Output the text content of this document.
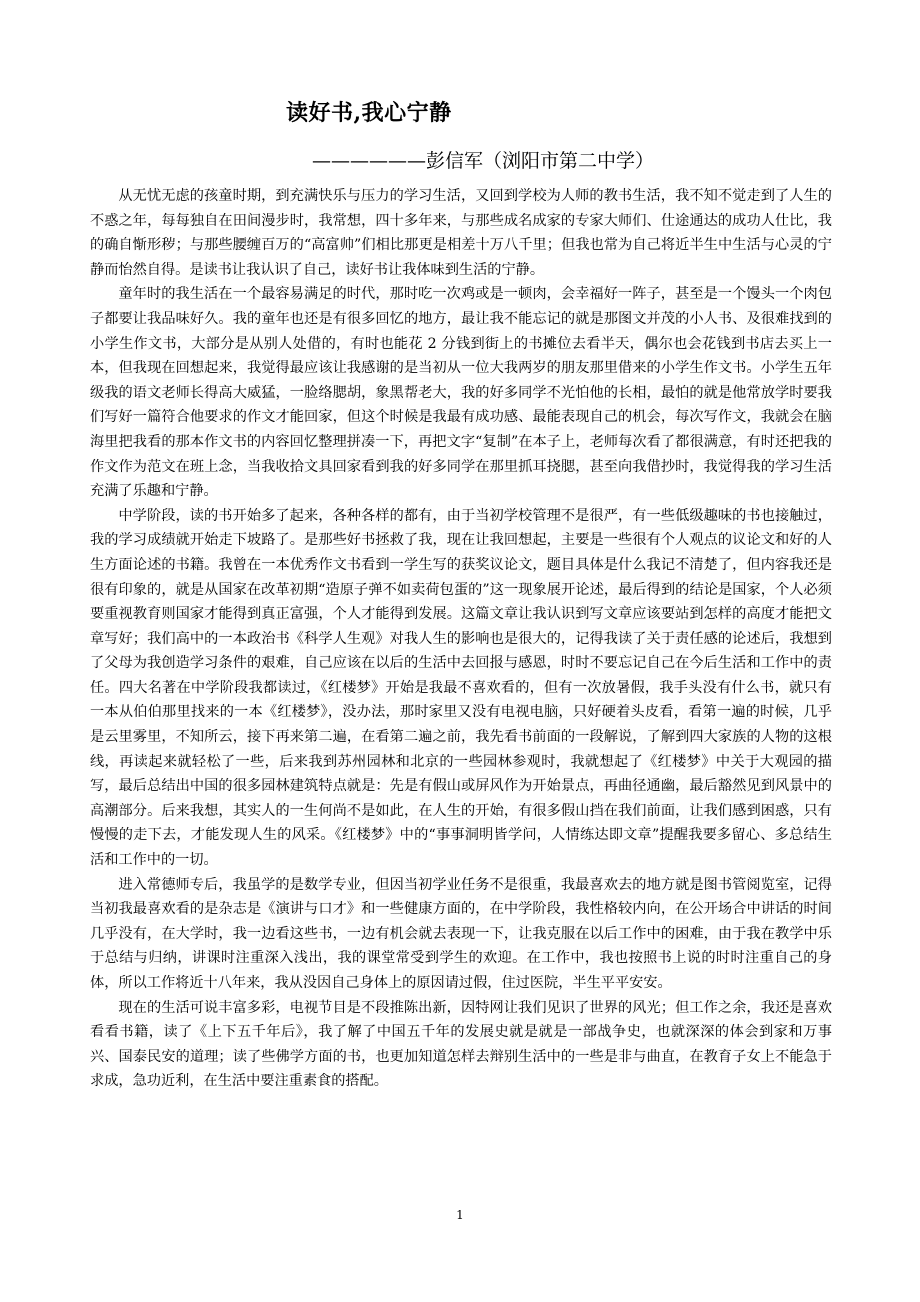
读好书,我心宁静
——————彭信军（浏阳市第二中学）

从无忧无虑的孩童时期，到充满快乐与压力的学习生活，又回到学校为人师的教书生活，我不知不觉走到了人生的不惑之年，每每独自在田间漫步时，我常想，四十多年来，与那些成名成家的专家大师们、仕途通达的成功人仕比，我的确自惭形秽；与那些腰缠百万的“高富帅”们相比那更是相差十万八千里；但我也常为自己将近半生中生活与心灵的宁静而怡然自得。是读书让我认识了自己，读好书让我体味到生活的宁静。

童年时的我生活在一个最容易满足的时代，那时吃一次鸡或是一顿肉，会幸福好一阵子，甚至是一个馒头一个肉包子都要让我品味好久。我的童年也还是有很多回忆的地方，最让我不能忘记的就是那图文并茂的小人书、及很难找到的小学生作文书，大部分是从别人处借的，有时也能花 2 分钱到街上的书摊位去看半天，偶尔也会花钱到书店去买上一本，但我现在回想起来，我觉得最应该让我感谢的是当初从一位大我两岁的朋友那里借来的小学生作文书。小学生五年级我的语文老师长得高大威猛，一脸络腮胡，象黑帮老大，我的好多同学不光怕他的长相，最怕的就是他常放学时要我们写好一篇符合他要求的作文才能回家，但这个时候是我最有成功感、最能表现自己的机会，每次写作文，我就会在脑海里把我看的那本作文书的内容回忆整理拼凑一下，再把文字“复制”在本子上，老师每次看了都很满意，有时还把我的作文作为范文在班上念，当我收拾文具回家看到我的好多同学在那里抓耳挠腮，甚至向我借抄时，我觉得我的学习生活充满了乐趣和宁静。

中学阶段，读的书开始多了起来，各种各样的都有，由于当初学校管理不是很严，有一些低级趣味的书也接触过，我的学习成绩就开始走下坡路了。是那些好书拯救了我，现在让我回想起，主要是一些很有个人观点的议论文和好的人生方面论述的书籍。我曾在一本优秀作文书看到一学生写的获奖议论文，题目具体是什么我记不清楚了，但内容我还是很有印象的，就是从国家在改革初期“造原子弹不如卖荷包蛋的”这一现象展开论述，最后得到的结论是国家，个人必须要重视教育则国家才能得到真正富强，个人才能得到发展。这篇文章让我认识到写文章应该要站到怎样的高度才能把文章写好；我们高中的一本政治书《科学人生观》对我人生的影响也是很大的，记得我读了关于责任感的论述后，我想到了父母为我创造学习条件的艰难，自己应该在以后的生活中去回报与感恩，时时不要忘记自己在今后生活和工作中的责任。四大名著在中学阶段我都读过，《红楼梦》开始是我最不喜欢看的，但有一次放暑假，我手头没有什么书，就只有一本从伯伯那里找来的一本《红楼梦》，没办法，那时家里又没有电视电脑，只好硬着头皮看，看第一遍的时候，几乎是云里雾里，不知所云，接下再来第二遍，在看第二遍之前，我先看书前面的一段解说，了解到四大家族的人物的这根线，再读起来就轻松了一些，后来我到苏州园林和北京的一些园林参观时，我就想起了《红楼梦》中关于大观园的描写，最后总结出中国的很多园林建筑特点就是：先是有假山或屏风作为开始景点，再曲径通幽，最后豁然见到风景中的高潮部分。后来我想，其实人的一生何尚不是如此，在人生的开始，有很多假山挡在我们前面，让我们感到困惑，只有慢慢的走下去，才能发现人生的风采。《红楼梦》中的“事事洞明皆学问，人情练达即文章”提醒我要多留心、多总结生活和工作中的一切。

进入常德师专后，我虽学的是数学专业，但因当初学业任务不是很重，我最喜欢去的地方就是图书管阅览室，记得当初我最喜欢看的是杂志是《演讲与口才》和一些健康方面的，在中学阶段，我性格较内向，在公开场合中讲话的时间几乎没有，在大学时，我一边看这些书，一边有机会就去表现一下，让我克服在以后工作中的困难，由于我在教学中乐于总结与归纳，讲课时注重深入浅出，我的课堂常受到学生的欢迎。在工作中，我也按照书上说的时时注重自己的身体，所以工作将近十八年来，我从没因自己身体上的原因请过假，住过医院，半生平平安安。

现在的生活可说丰富多彩，电视节目是不段推陈出新，因特网让我们见识了世界的风光；但工作之余，我还是喜欢看看书籍，读了《上下五千年后》，我了解了中国五千年的发展史就是就是一部战争史，也就深深的体会到家和万事兴、国泰民安的道理；读了些佛学方面的书，也更加知道怎样去辩别生活中的一些是非与曲直，在教育子女上不能急于求成，急功近利，在生活中要注重素食的搭配。

1
